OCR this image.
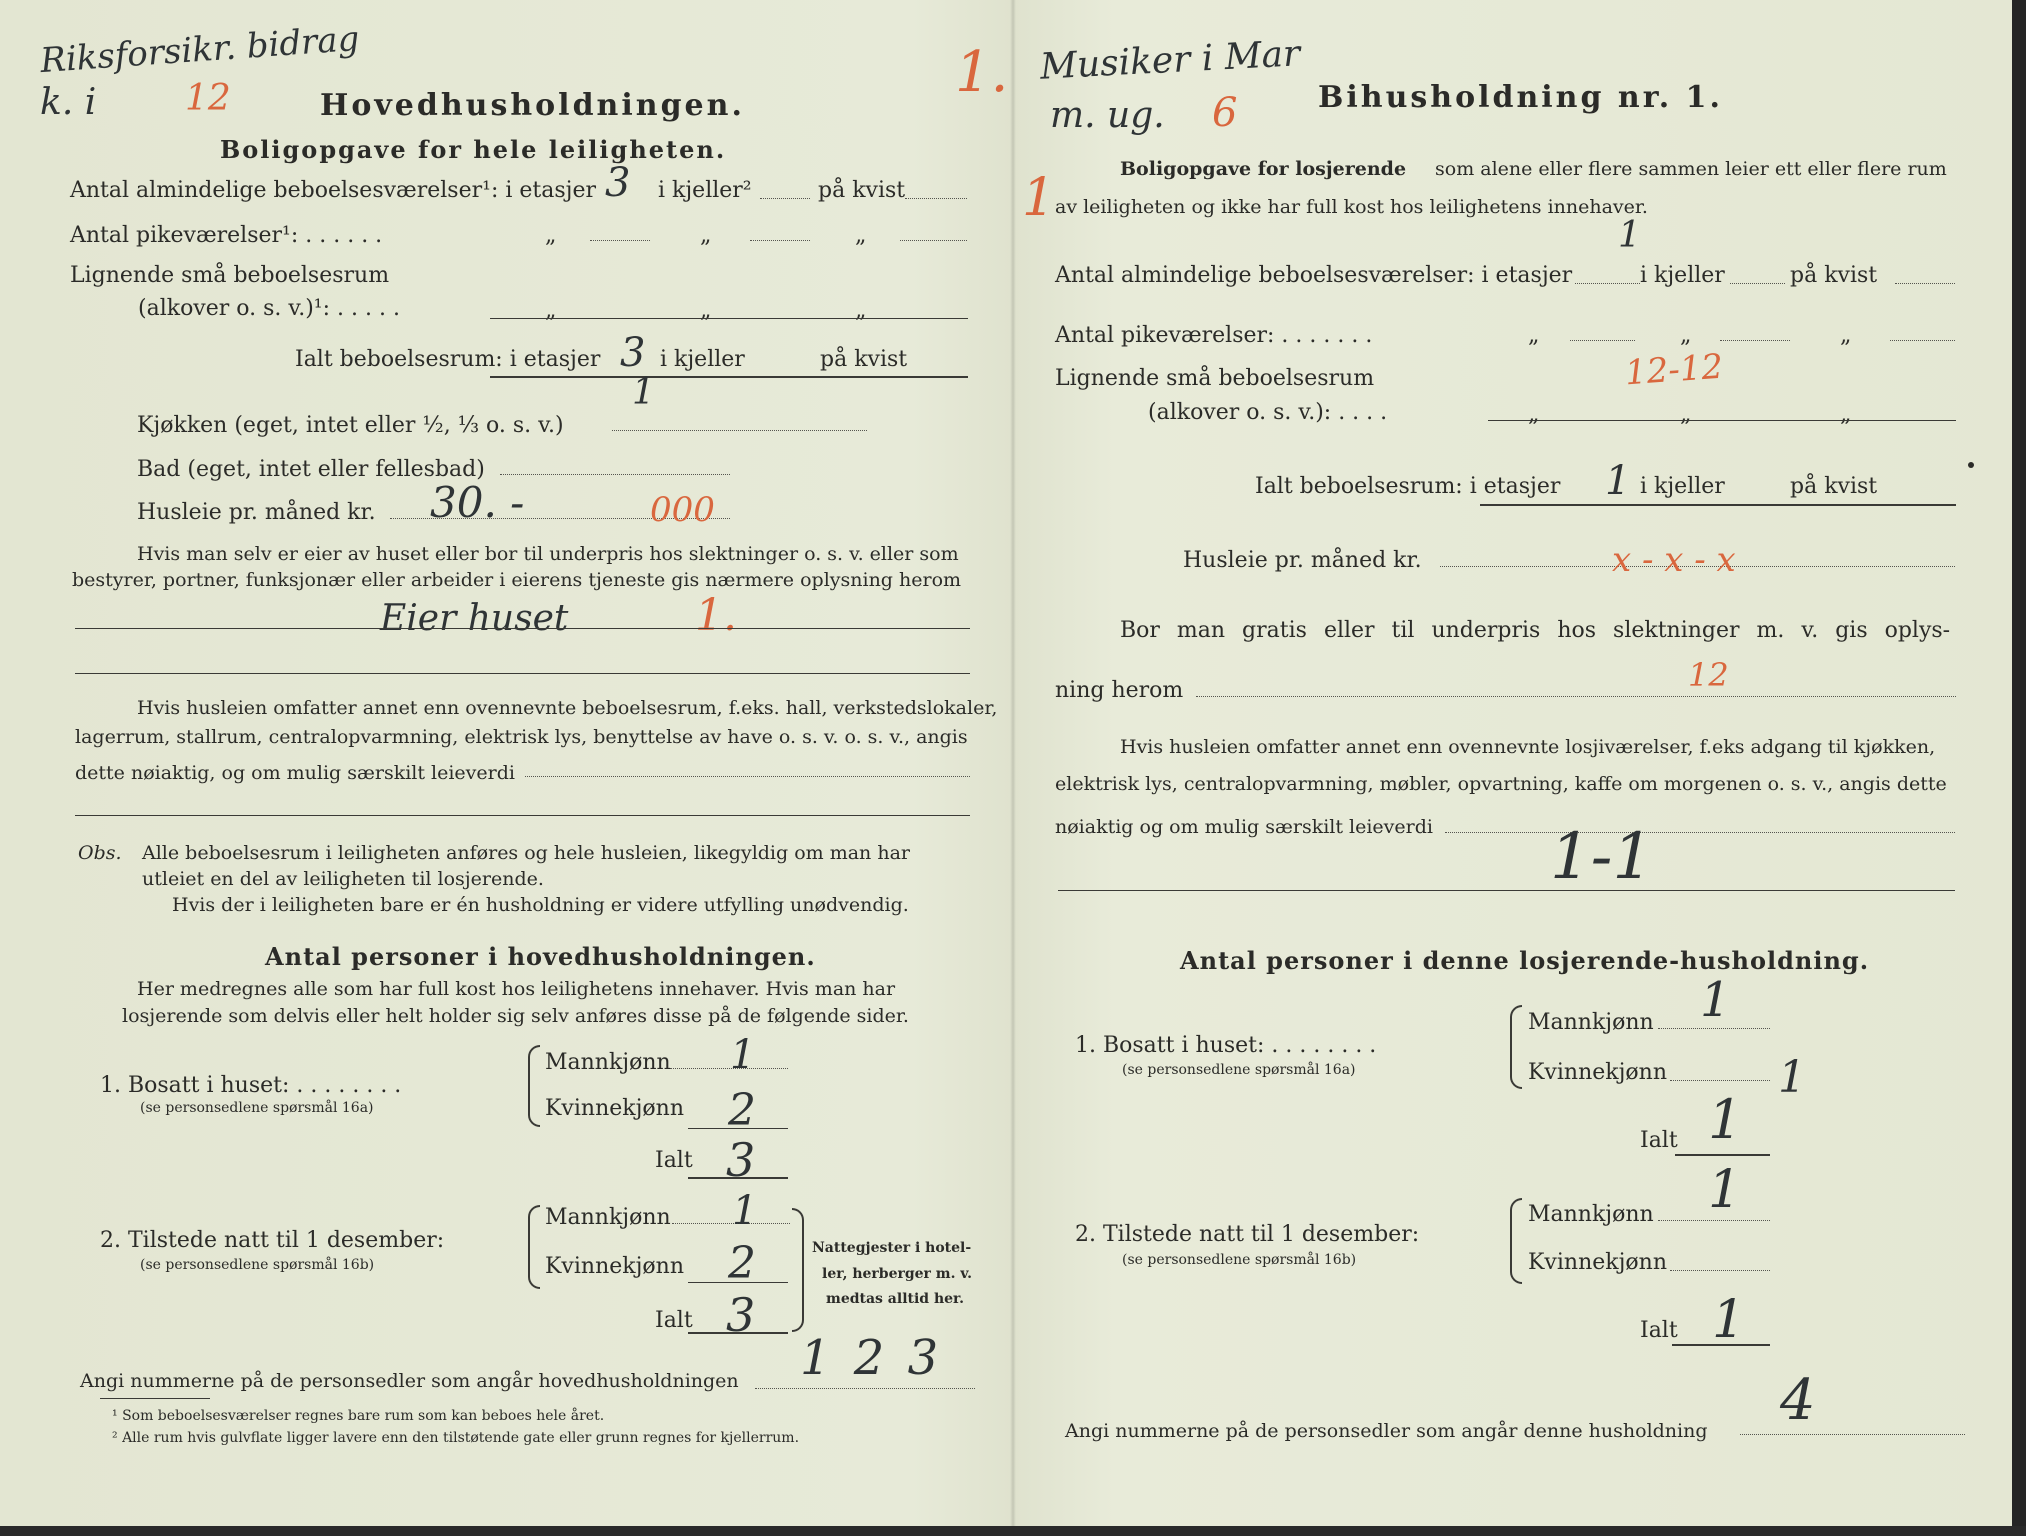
Riksforsikr. bidrag
k. i 12	1.
Hovedhusholdningen.
Boligopgave for hele leiligheten.
Antal almindelige beboelsesværelser¹: i etasjer 3 i kjeller²	på kvist
Antal pikeværelser¹: . . . . . .	„	„	„
Lignende små beboelsesrum
(alkover o. s. v.)¹: . . . . .	„	„	„
Ialt beboelsesrum: i etasjer 3 i kjeller	på kvist
1
Kjøkken (eget, intet eller ½, ⅓ o. s. v.)
Bad (eget, intet eller fellesbad)
Husleie pr. måned kr. 30. -	000
Hvis man selv er eier av huset eller bor til underpris hos slektninger o. s. v. eller som
bestyrer, portner, funksjonær eller arbeider i eierens tjeneste gis nærmere oplysning herom
Eier huset	1.
Hvis husleien omfatter annet enn ovennevnte beboelsesrum, f.eks. hall, verkstedslokaler,
lagerrum, stallrum, centralopvarmning, elektrisk lys, benyttelse av have o. s. v. o. s. v., angis
dette nøiaktig, og om mulig særskilt leieverdi
Obs. Alle beboelsesrum i leiligheten anføres og hele husleien, likegyldig om man har
utleiet en del av leiligheten til losjerende.
Hvis der i leiligheten bare er én husholdning er videre utfylling unødvendig.
Antal personer i hovedhusholdningen.
Her medregnes alle som har full kost hos leilighetens innehaver. Hvis man har
losjerende som delvis eller helt holder sig selv anføres disse på de følgende sider.
1. Bosatt i huset: . . . . . . . .
(se personsedlene spørsmål 16a)
Mannkjønn 1
Kvinnekjønn 2
Ialt 3
2. Tilstede natt til 1 desember:
(se personsedlene spørsmål 16b)
Mannkjønn 1
Kvinnekjønn 2
Ialt 3
Nattegjester i hotel-
ler, herberger m. v.
medtas alltid her.
Angi nummerne på de personsedler som angår hovedhusholdningen 1 2 3
¹ Som beboelsesværelser regnes bare rum som kan beboes hele året.
² Alle rum hvis gulvflate ligger lavere enn den tilstøtende gate eller grunn regnes for kjellerrum.
Musiker i Mar
m. ug. 6
1
Bihusholdning nr. 1.
Boligopgave for losjerende som alene eller flere sammen leier ett eller flere rum
av leiligheten og ikke har full kost hos leilighetens innehaver.
1
Antal almindelige beboelsesværelser: i etasjer	i kjeller	på kvist
Antal pikeværelser: . . . . . . .	„	„	„
12-12
Lignende små beboelsesrum
(alkover o. s. v.): . . . .	„	„	„
Ialt beboelsesrum: i etasjer 1 i kjeller	på kvist
Husleie pr. måned kr.	x - x - x
Bor man gratis eller til underpris hos slektninger m. v. gis oplys-
ning herom	12
Hvis husleien omfatter annet enn ovennevnte losjiværelser, f.eks adgang til kjøkken,
elektrisk lys, centralopvarmning, møbler, opvartning, kaffe om morgenen o. s. v., angis dette
nøiaktig og om mulig særskilt leieverdi 1-1
Antal personer i denne losjerende-husholdning.
1. Bosatt i huset: . . . . . . . .
(se personsedlene spørsmål 16a)
Mannkjønn 1
Kvinnekjønn	1
Ialt 1
2. Tilstede natt til 1 desember:
(se personsedlene spørsmål 16b)
Mannkjønn 1
Kvinnekjønn
Ialt 1
Angi nummerne på de personsedler som angår denne husholdning 4
